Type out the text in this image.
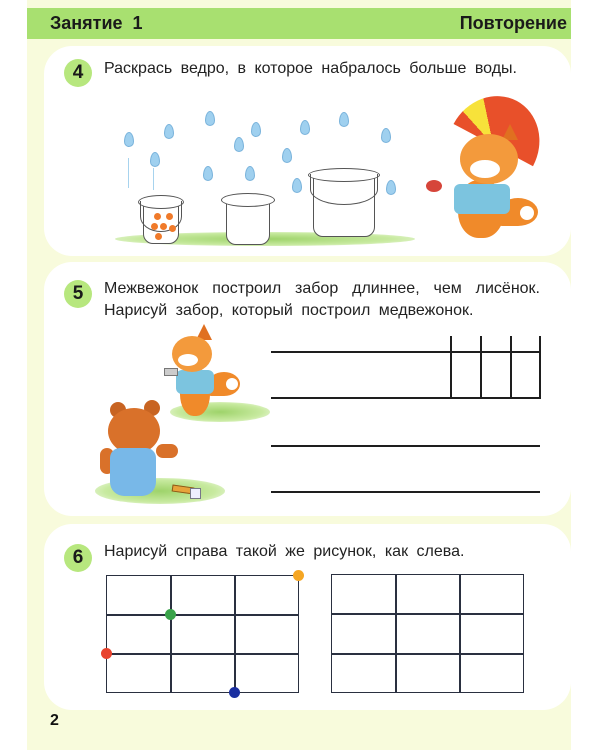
Занятие  1	Повторение
4	Раскрась ведро, в которое набралось больше воды.
5	Межвежонок построил забор длиннее, чем лисёнок. Нарисуй забор, который построил медвежонок.
6	Нарисуй справа такой же рисунок, как слева.
2
